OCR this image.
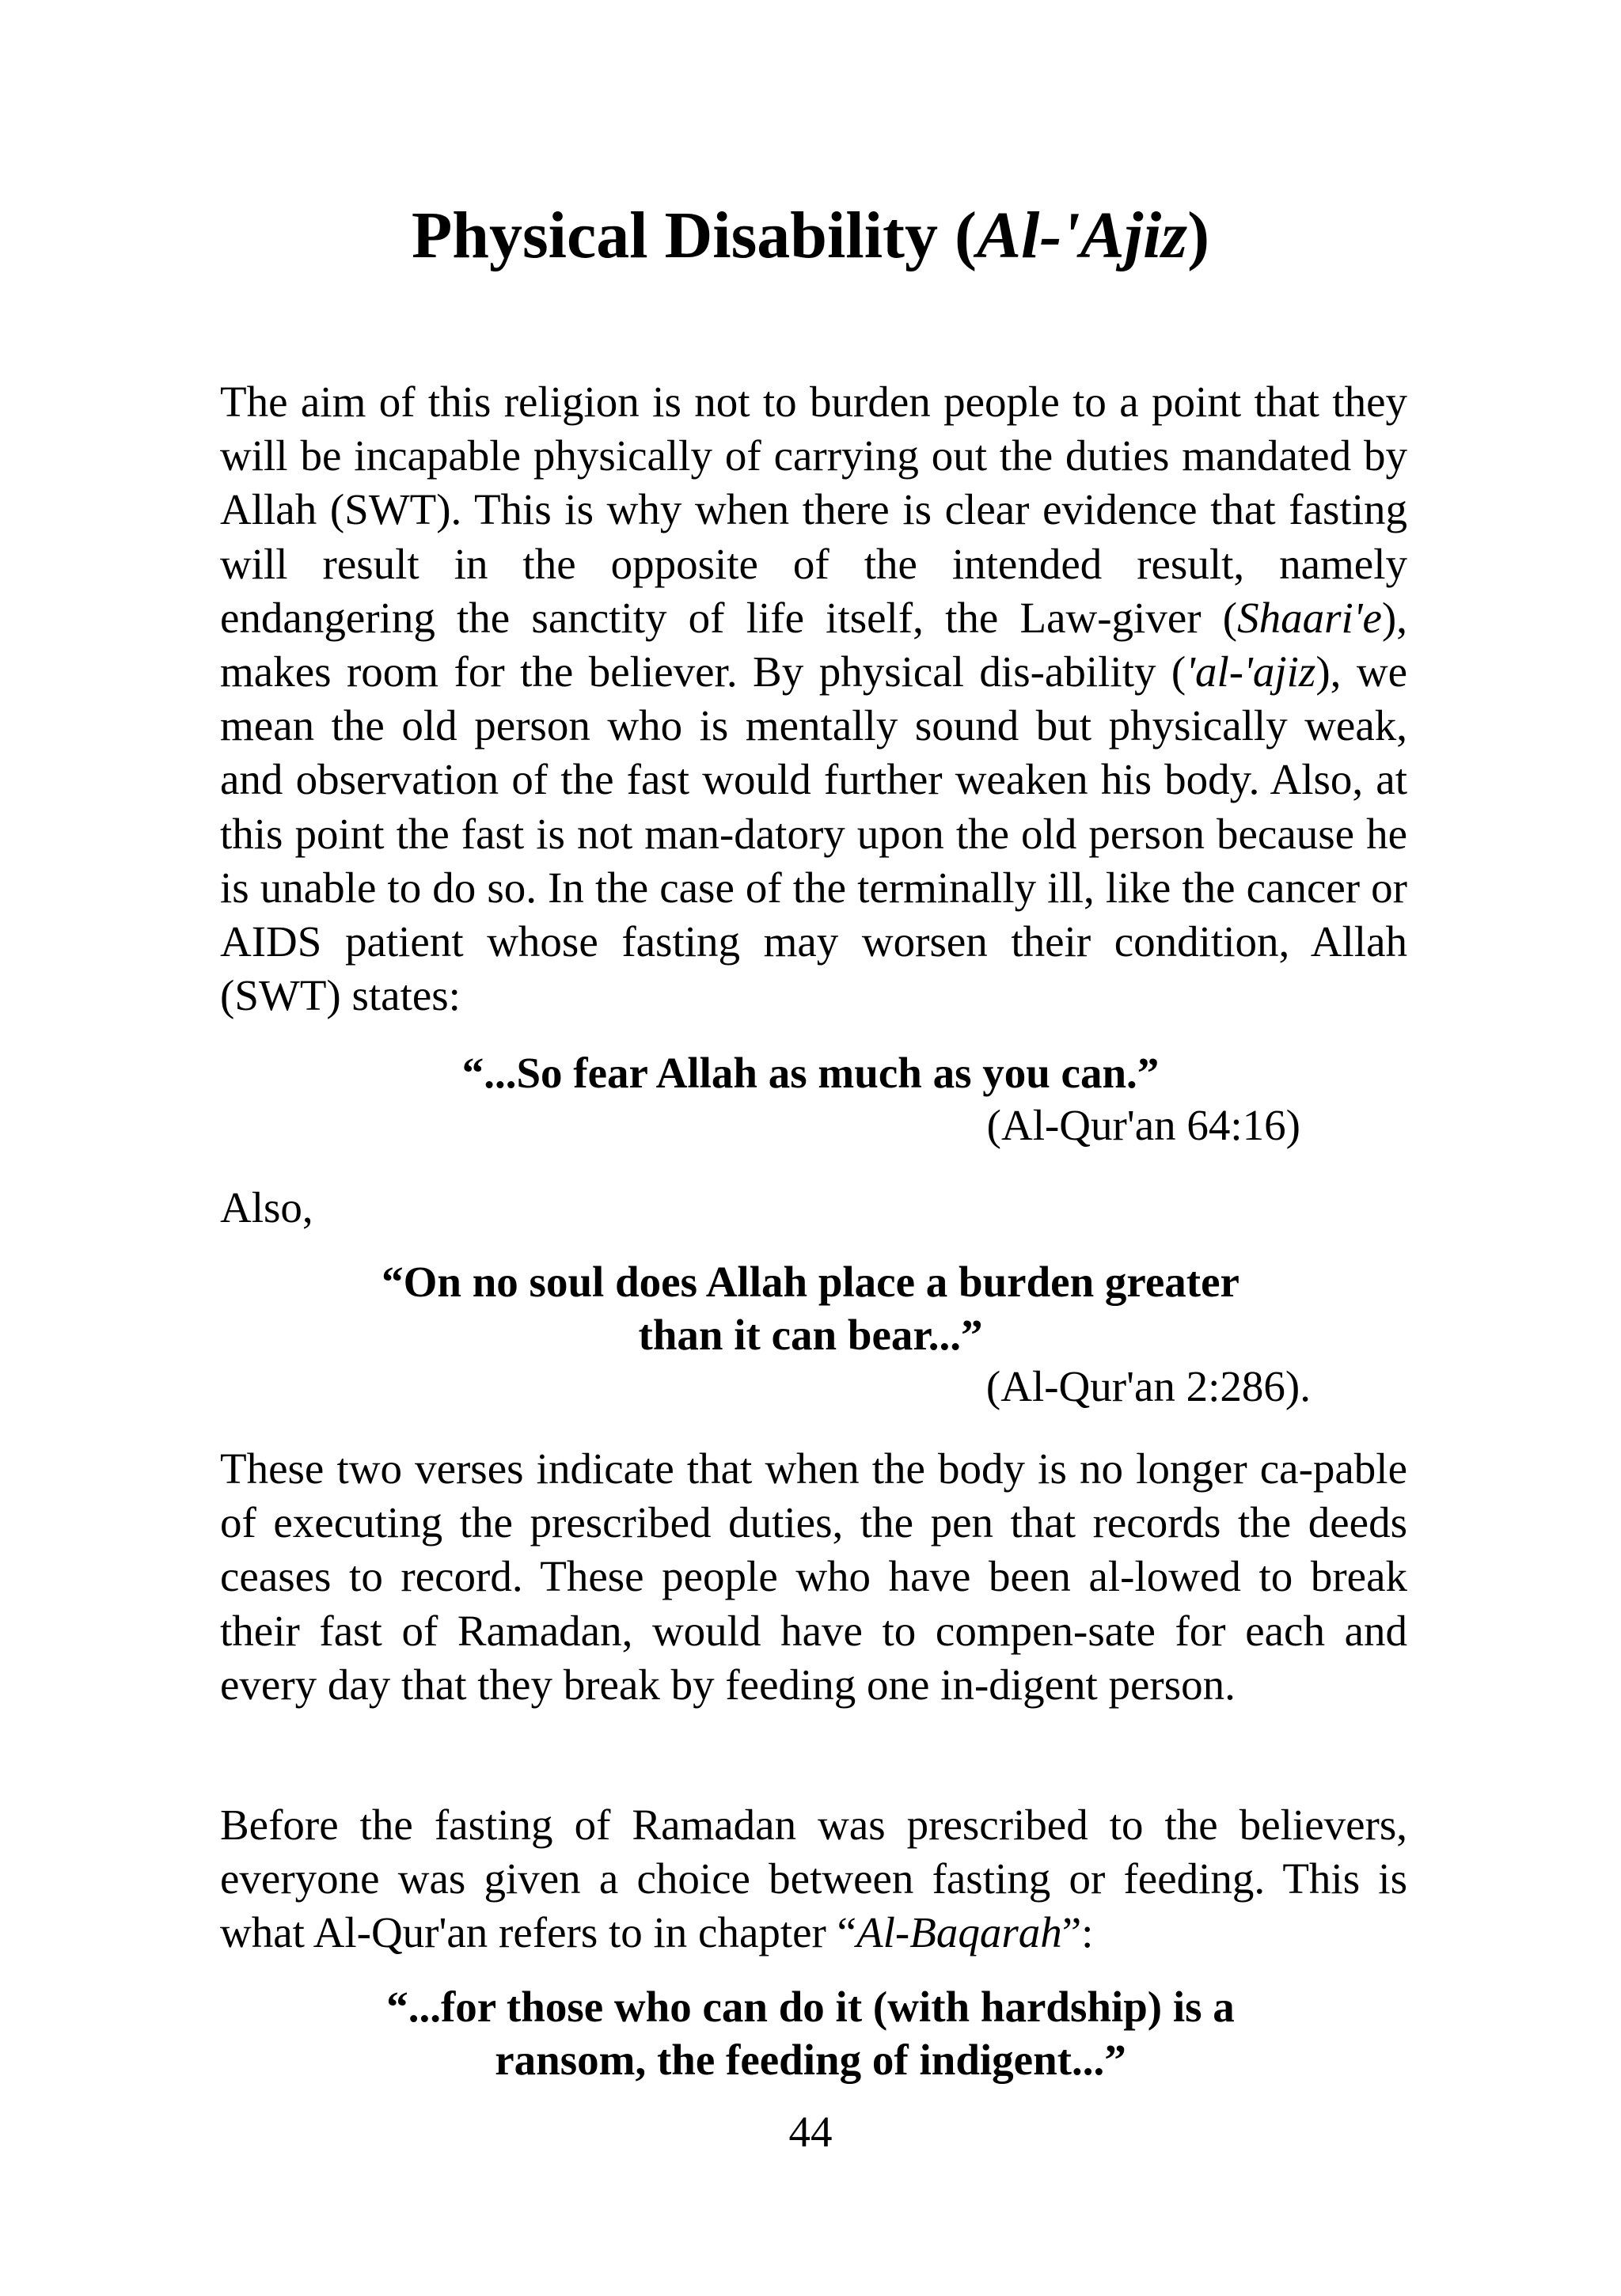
Physical Disability (Al-'Ajiz)

The aim of this religion is not to burden people to a point that they will be incapable physically of carrying out the duties mandated by Allah (SWT). This is why when there is clear evidence that fasting will result in the opposite of the intended result, namely endangering the sanctity of life itself, the Law-giver (Shaari'e), makes room for the believer. By physical dis-ability ('al-'ajiz), we mean the old person who is mentally sound but physically weak, and observation of the fast would further weaken his body. Also, at this point the fast is not man-datory upon the old person because he is unable to do so. In the case of the terminally ill, like the cancer or AIDS patient whose fasting may worsen their condition, Allah (SWT) states:

“...So fear Allah as much as you can.”

(Al-Qur'an 64:16)

Also,

“On no soul does Allah place a burden greater
than it can bear...”

(Al-Qur'an 2:286).

These two verses indicate that when the body is no longer ca-pable of executing the prescribed duties, the pen that records the deeds ceases to record. These people who have been al-lowed to break their fast of Ramadan, would have to compen-sate for each and every day that they break by feeding one in-digent person.

Before the fasting of Ramadan was prescribed to the believers, everyone was given a choice between fasting or feeding. This is what Al-Qur'an refers to in chapter “Al-Baqarah”:

“...for those who can do it (with hardship) is a
ransom, the feeding of indigent...”

44
